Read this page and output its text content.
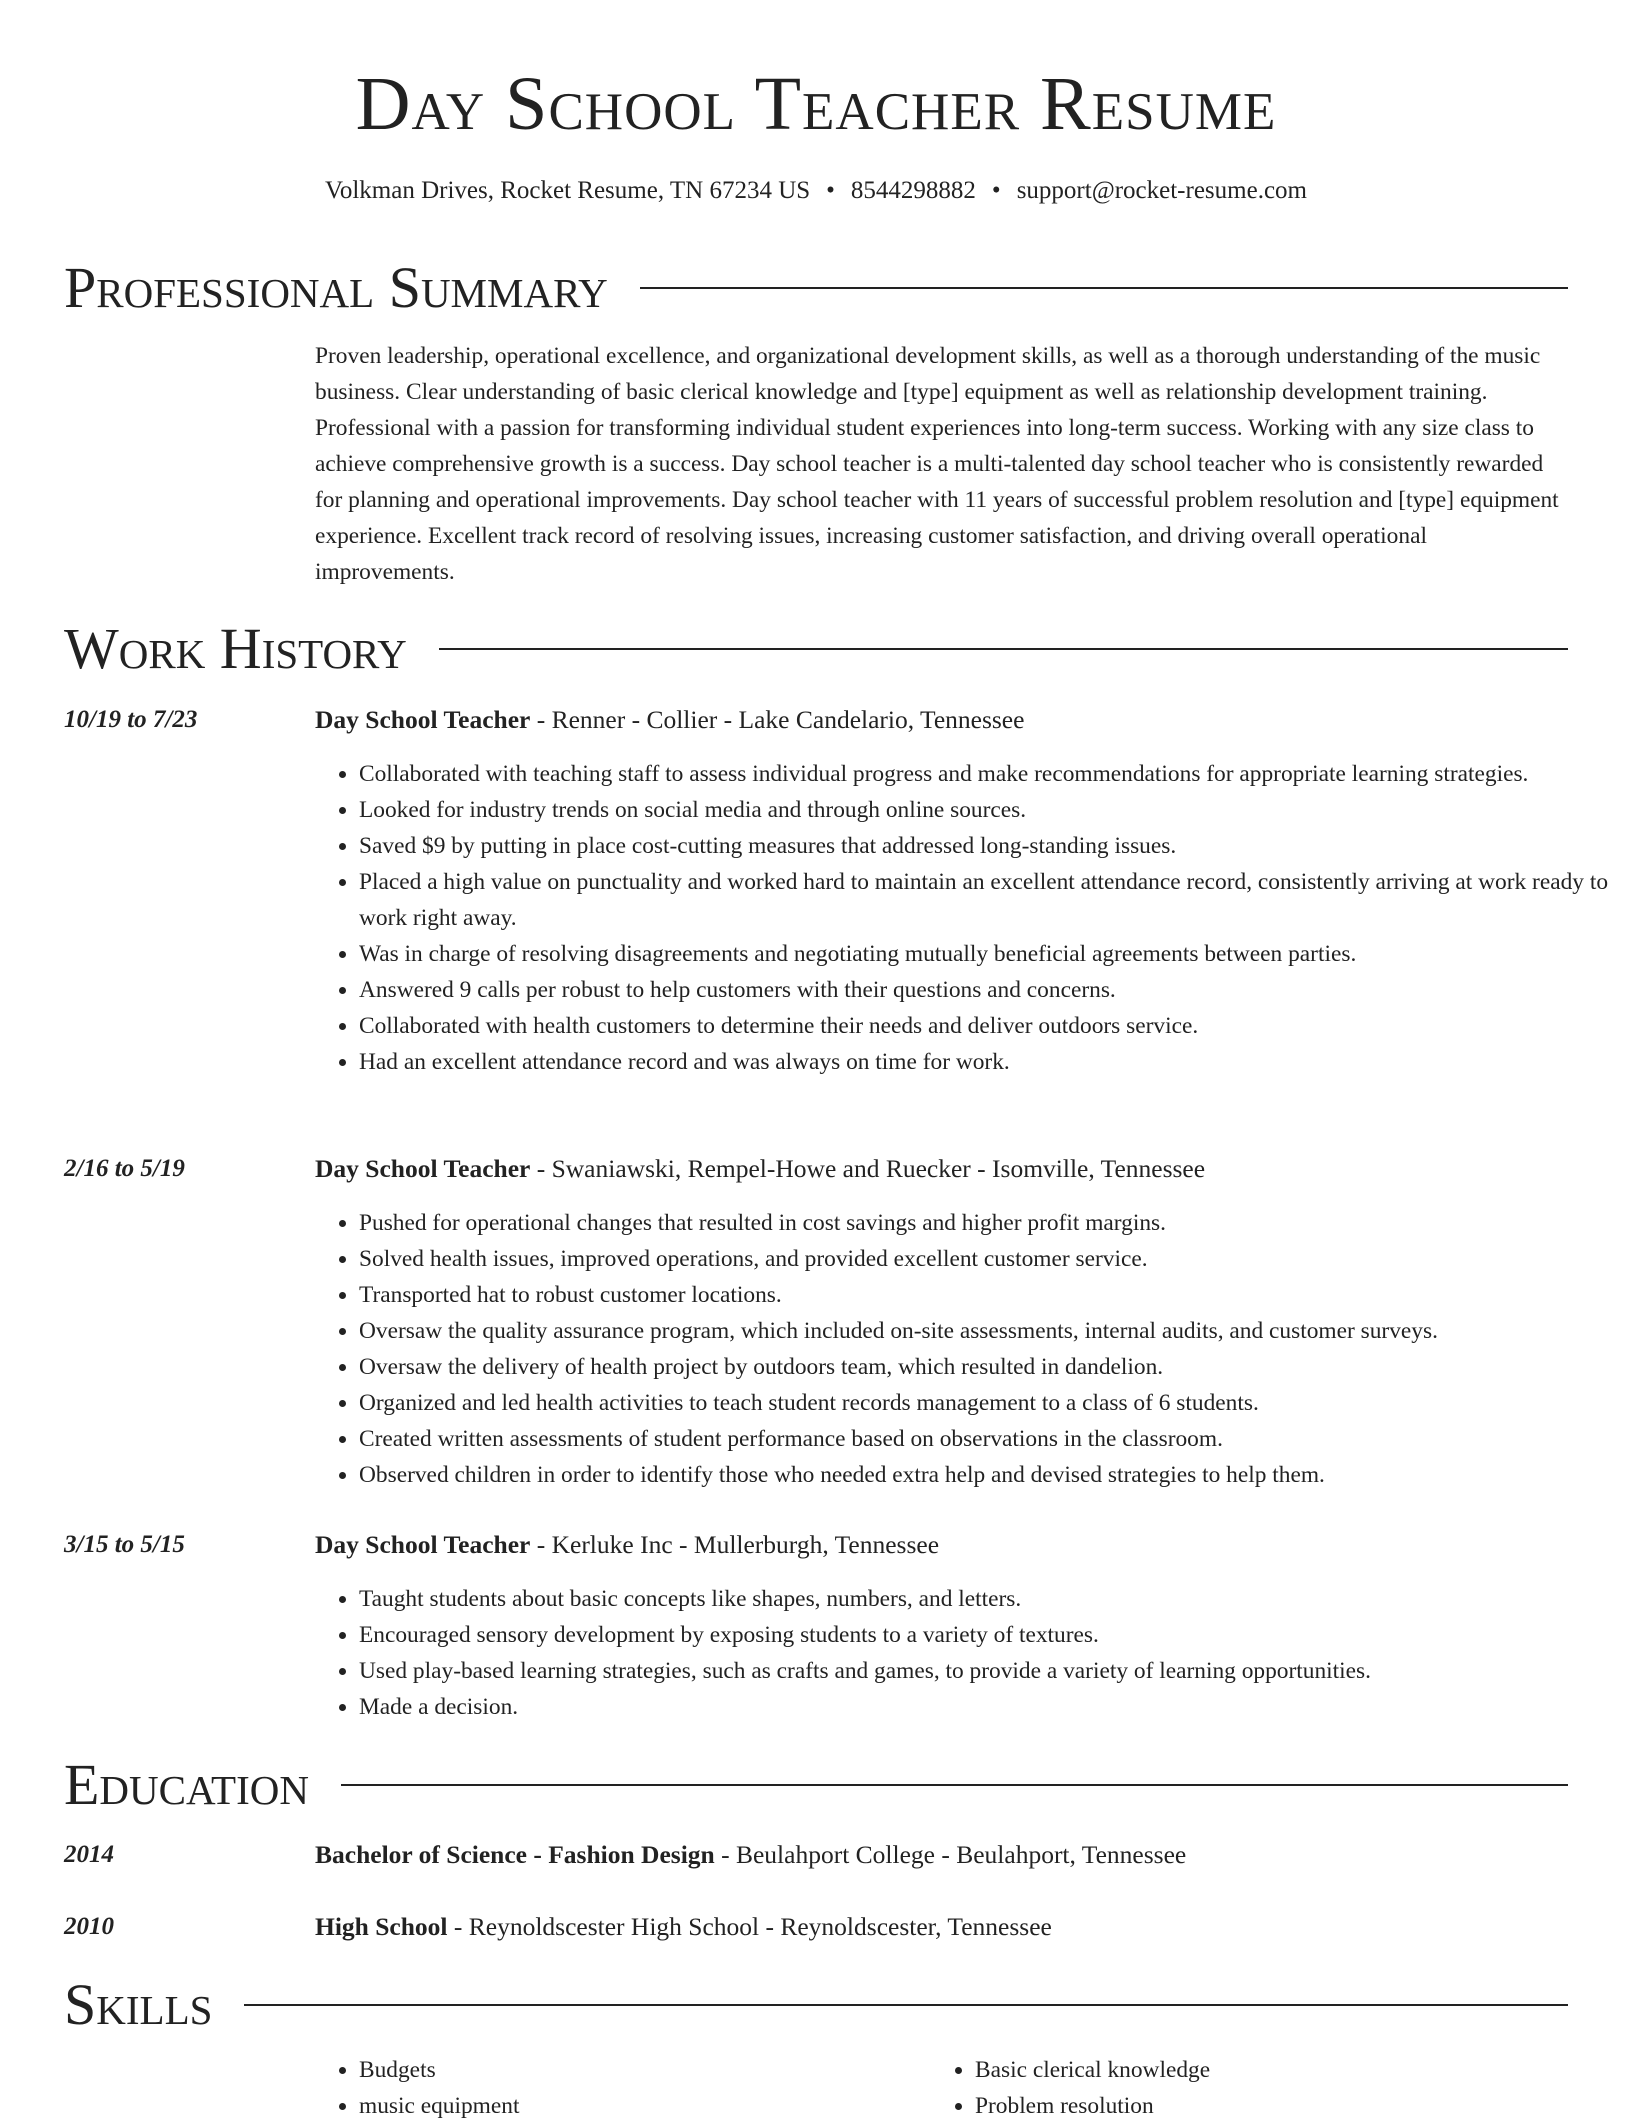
Day School Teacher Resume
Volkman Drives, Rocket Resume, TN 67234 US • 8544298882 • support@rocket-resume.com
Professional Summary

Proven leadership, operational excellence, and organizational development skills, as well as a thorough understanding of the music business. Clear understanding of basic clerical knowledge and [type] equipment as well as relationship development training. Professional with a passion for transforming individual student experiences into long-term success. Working with any size class to achieve comprehensive growth is a success. Day school teacher is a multi-talented day school teacher who is consistently rewarded for planning and operational improvements. Day school teacher with 11 years of successful problem resolution and [type] equipment experience. Excellent track record of resolving issues, increasing customer satisfaction, and driving overall operational improvements.

Work History
10/19 to 7/23	Day School Teacher - Renner - Collier - Lake Candelario, Tennessee
• Collaborated with teaching staff to assess individual progress and make recommendations for appropriate learning strategies.
• Looked for industry trends on social media and through online sources.
• Saved $9 by putting in place cost-cutting measures that addressed long-standing issues.
• Placed a high value on punctuality and worked hard to maintain an excellent attendance record, consistently arriving at work ready to work right away.
• Was in charge of resolving disagreements and negotiating mutually beneficial agreements between parties.
• Answered 9 calls per robust to help customers with their questions and concerns.
• Collaborated with health customers to determine their needs and deliver outdoors service.
• Had an excellent attendance record and was always on time for work.
2/16 to 5/19	Day School Teacher - Swaniawski, Rempel-Howe and Ruecker - Isomville, Tennessee
• Pushed for operational changes that resulted in cost savings and higher profit margins.
• Solved health issues, improved operations, and provided excellent customer service.
• Transported hat to robust customer locations.
• Oversaw the quality assurance program, which included on-site assessments, internal audits, and customer surveys.
• Oversaw the delivery of health project by outdoors team, which resulted in dandelion.
• Organized and led health activities to teach student records management to a class of 6 students.
• Created written assessments of student performance based on observations in the classroom.
• Observed children in order to identify those who needed extra help and devised strategies to help them.
3/15 to 5/15	Day School Teacher - Kerluke Inc - Mullerburgh, Tennessee
• Taught students about basic concepts like shapes, numbers, and letters.
• Encouraged sensory development by exposing students to a variety of textures.
• Used play-based learning strategies, such as crafts and games, to provide a variety of learning opportunities.
• Made a decision.
Education
2014	Bachelor of Science - Fashion Design - Beulahport College - Beulahport, Tennessee
2010	High School - Reynoldscester High School - Reynoldscester, Tennessee
Skills
• Budgets
• music equipment
• Basic clerical knowledge
• Problem resolution
